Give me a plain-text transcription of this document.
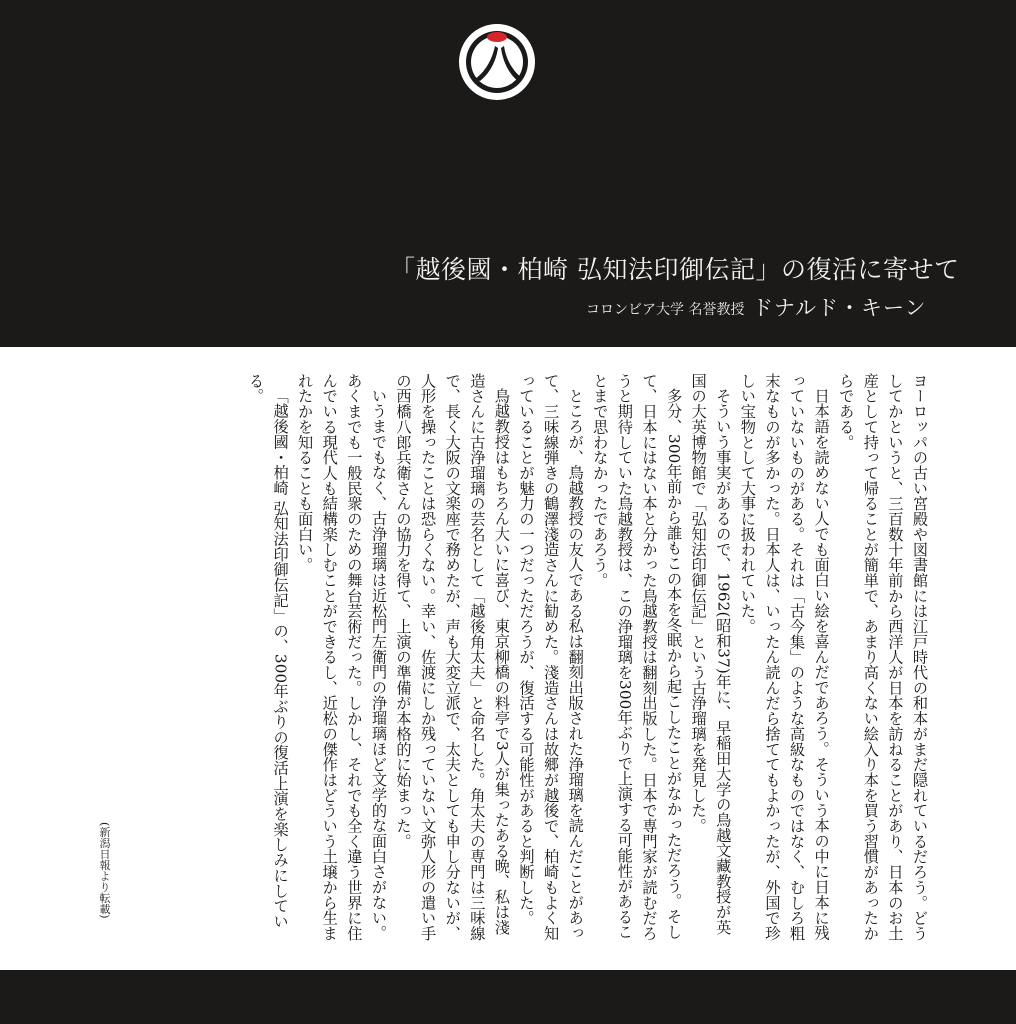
「越後國・柏崎 弘知法印御伝記」の復活に寄せて
コロンビア大学 名誉教授 ドナルド・キーン

ヨーロッパの古い宮殿や図書館には江戸時代の和本がまだ隠れているだろう。どうしてかというと、三百数十年前から西洋人が日本を訪ねることがあり、日本のお土産として持って帰ることが簡単で、あまり高くない絵入り本を買う習慣があったからである。

日本語を読めない人でも面白い絵を喜んだであろう。そういう本の中に日本に残っていないものがある。それは「古今集」のような高級なものではなく、むしろ粗末なものが多かった。日本人は、いったん読んだら捨ててもよかったが、外国で珍しい宝物として大事に扱われていた。

そういう事実があるので、1962(昭和37)年に、早稲田大学の鳥越文藏教授が英国の大英博物館で「弘知法印御伝記」という古浄瑠璃を発見した。

多分、300年前から誰もこの本を冬眠から起こしたことがなかっただろう。そして、日本にはない本と分かった鳥越教授は翻刻出版した。日本で専門家が読むだろうと期待していた鳥越教授は、この浄瑠璃を300年ぶりで上演する可能性があることまで思わなかったであろう。

ところが、鳥越教授の友人である私は翻刻出版された浄瑠璃を読んだことがあって、三味線弾きの鶴澤淺造さんに勧めた。淺造さんは故郷が越後で、柏崎もよく知っていることが魅力の一つだっただろうが、復活する可能性があると判断した。

鳥越教授はもちろん大いに喜び、東京柳橋の料亭で3人が集ったある晩、私は淺造さんに古浄瑠璃の芸名として「越後角太夫」と命名した。角太夫の専門は三味線で、長く大阪の文楽座で務めたが、声も大変立派で、太夫としても申し分ないが、人形を操ったことは恐らくない。幸い、佐渡にしか残っていない文弥人形の遣い手の西橋八郎兵衛さんの協力を得て、上演の準備が本格的に始まった。

いうまでもなく、古浄瑠璃は近松門左衛門の浄瑠璃ほど文学的な面白さがない。あくまでも一般民衆のための舞台芸術だった。しかし、それでも全く違う世界に住んでいる現代人も結構楽しむことができるし、近松の傑作はどういう土壌から生まれたかを知ることも面白い。

「越後國・柏崎 弘知法印御伝記」の、300年ぶりの復活上演を楽しみにしている。

(新潟日報より転載)
